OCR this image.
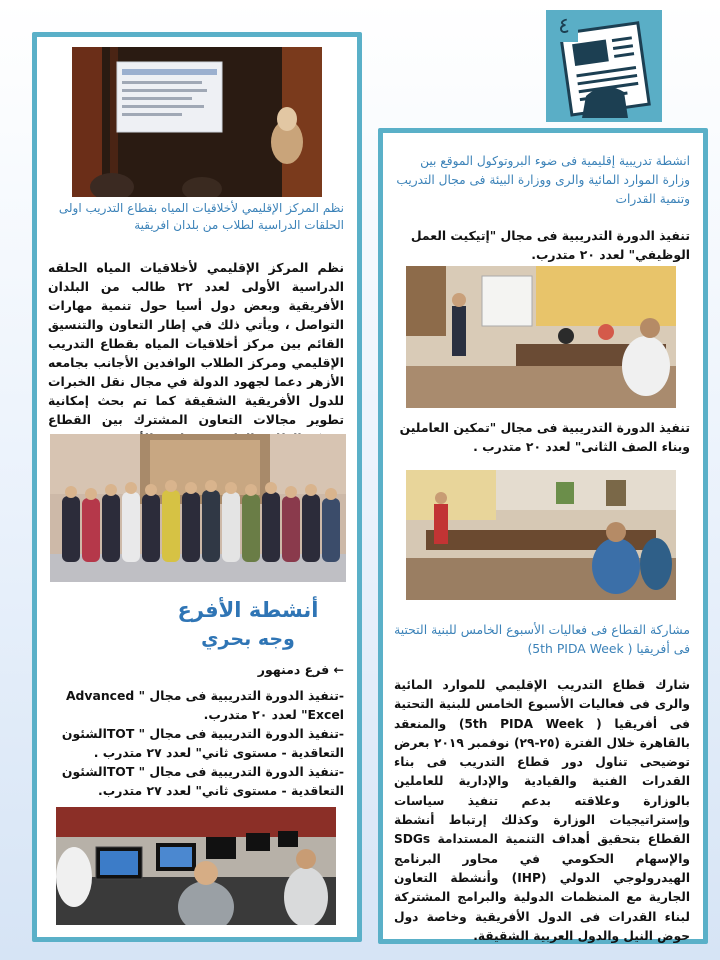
٤
نظم المركز الإقليمي لأخلاقيات المياه بقطاع التدريب اولى الحلقات الدراسية لطلاب من بلدان افريقية
نظم المركز الإقليمي لأخلاقيات المياه الحلقه الدراسية الأولى لعدد ٢٢ طالب من البلدان الأفريقية وبعض دول أسيا حول تنمية مهارات التواصل ، ويأتي ذلك في إطار التعاون والتنسيق القائم بين مركز أخلاقيات المياه بقطاع التدريب الإقليمي ومركز الطلاب الوافدين الأجانب بجامعه الأزهر دعما لجهود الدولة في مجال نقل الخبرات للدول الأفريقية الشقيقة كما تم بحث إمكانية تطوير مجالات التعاون المشترك بين القطاع
أنشطة الأفرع
وجه بحري
← فرع دمنهور
-تنفيذ الدورة التدريبية فى مجال " Advanced Excel" لعدد ٢٠ متدرب.
-تنفيذ الدورة التدريبية فى مجال " TOTالشئون التعاقدية - مستوى ثاني" لعدد ٢٧ متدرب .
-تنفيذ الدورة التدريبية فى مجال " TOTالشئون التعاقدية - مستوى ثاني" لعدد ٢٧ متدرب.
انشطة تدريبية إقليمية فى ضوء البروتوكول الموقع بين وزارة الموارد المائية والرى ووزارة البيئة فى مجال التدريب وتنمية القدرات
تنفيذ الدورة التدريبية فى مجال "إتيكيت العمل الوظيفي" لعدد ٢٠ متدرب.
تنفيذ الدورة التدريبية فى مجال "تمكين العاملين وبناء الصف الثانى" لعدد ٢٠ متدرب .
مشاركة القطاع فى فعاليات الأسبوع الخامس للبنية التحتية فى أفريقيا ( 5th PIDA Week)
شارك قطاع التدريب الإقليمي للموارد المائية والرى فى فعاليات الأسبوع الخامس للبنية التحتية فى أفريقيا ( 5th PIDA Week) والمنعقد بالقاهرة خلال الفترة (٢٥-٢٩) نوفمبر ٢٠١٩ بعرض توضيحى تناول دور قطاع التدريب فى بناء القدرات الفنية والقيادية والإدارية للعاملين بالوزارة وعلاقته بدعم تنفيذ سياسات وإستراتيجيات الوزارة وكذلك إرتباط أنشطة القطاع بتحقيق أهداف التنمية المستدامة SDGs والإسهام الحكومي في محاور البرنامج الهيدرولوجي الدولي (IHP) وأنشطة التعاون الجارية مع المنظمات الدولية والبرامج المشتركة لبناء القدرات فى الدول الأفريقية وخاصة دول حوض النيل والدول العربية الشقيقة.
